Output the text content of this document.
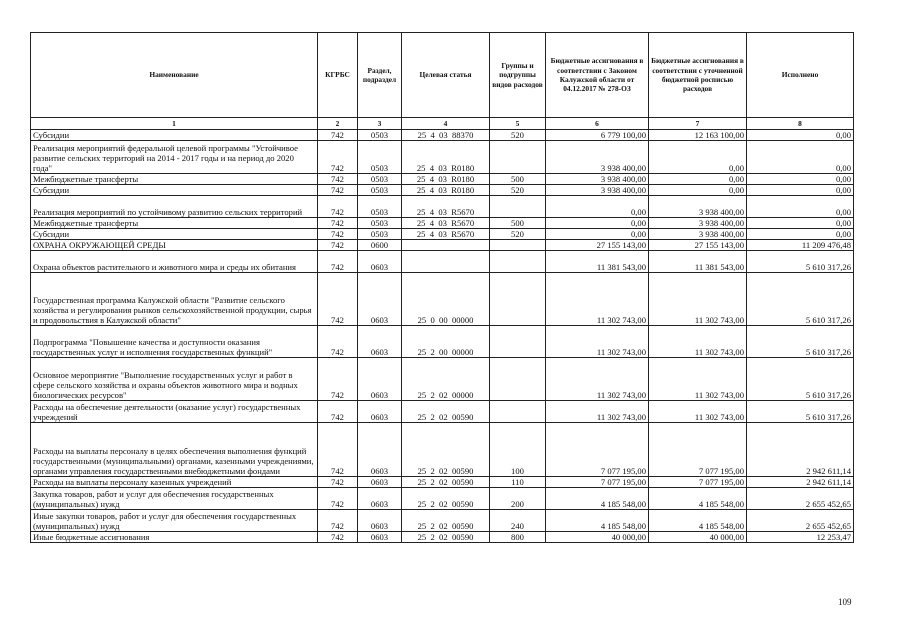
Наименование	КГРБС	Раздел, подраздел	Целевая статья	Группы и подгруппы видов расходов	Бюджетные ассигнования в соответствии с Законом Калужской области от 04.12.2017 № 278-ОЗ	Бюджетные ассигнования в соответствии с уточненной бюджетной росписью расходов	Исполнено
1	2	3	4	5	6	7	8
Субсидии	742	0503	25  4  03  88370	520	6 779 100,00	12 163 100,00	0,00
Реализация мероприятий федеральной целевой программы "Устойчивое развитие сельских территорий на 2014 - 2017 годы и на период до 2020 года"	742	0503	25  4  03  R0180		3 938 400,00	0,00	0,00
Межбюджетные трансферты	742	0503	25  4  03  R0180	500	3 938 400,00	0,00	0,00
Субсидии	742	0503	25  4  03  R0180	520	3 938 400,00	0,00	0,00
Реализация мероприятий по устойчивому развитию сельских территорий	742	0503	25  4  03  R5670		0,00	3 938 400,00	0,00
Межбюджетные трансферты	742	0503	25  4  03  R5670	500	0,00	3 938 400,00	0,00
Субсидии	742	0503	25  4  03  R5670	520	0,00	3 938 400,00	0,00
ОХРАНА ОКРУЖАЮЩЕЙ СРЕДЫ	742	0600			27 155 143,00	27 155 143,00	11 209 476,48
Охрана объектов растительного и животного мира и среды их обитания	742	0603			11 381 543,00	11 381 543,00	5 610 317,26
Государственная программа Калужской области "Развитие сельского хозяйства и регулирования рынков сельскохозяйственной продукции, сырья и продовольствия в Калужской области"	742	0603	25  0  00  00000		11 302 743,00	11 302 743,00	5 610 317,26
Подпрограмма "Повышение качества и доступности оказания государственных услуг и исполнения государственных функций"	742	0603	25  2  00  00000		11 302 743,00	11 302 743,00	5 610 317,26
Основное мероприятие "Выполнение государственных услуг и работ в сфере сельского хозяйства и охраны объектов животного мира и водных биологических ресурсов"	742	0603	25  2  02  00000		11 302 743,00	11 302 743,00	5 610 317,26
Расходы на обеспечение деятельности (оказание услуг) государственных учреждений	742	0603	25  2  02  00590		11 302 743,00	11 302 743,00	5 610 317,26
Расходы на выплаты персоналу в целях обеспечения выполнения функций государственными (муниципальными) органами, казенными учреждениями, органами управления государственными внебюджетными фондами	742	0603	25  2  02  00590	100	7 077 195,00	7 077 195,00	2 942 611,14
Расходы на выплаты персоналу казенных учреждений	742	0603	25  2  02  00590	110	7 077 195,00	7 077 195,00	2 942 611,14
Закупка товаров, работ и услуг для обеспечения государственных (муниципальных) нужд	742	0603	25  2  02  00590	200	4 185 548,00	4 185 548,00	2 655 452,65
Иные закупки товаров, работ и услуг для обеспечения государственных (муниципальных) нужд	742	0603	25  2  02  00590	240	4 185 548,00	4 185 548,00	2 655 452,65
Иные бюджетные ассигнования	742	0603	25  2  02  00590	800	40 000,00	40 000,00	12 253,47
109
